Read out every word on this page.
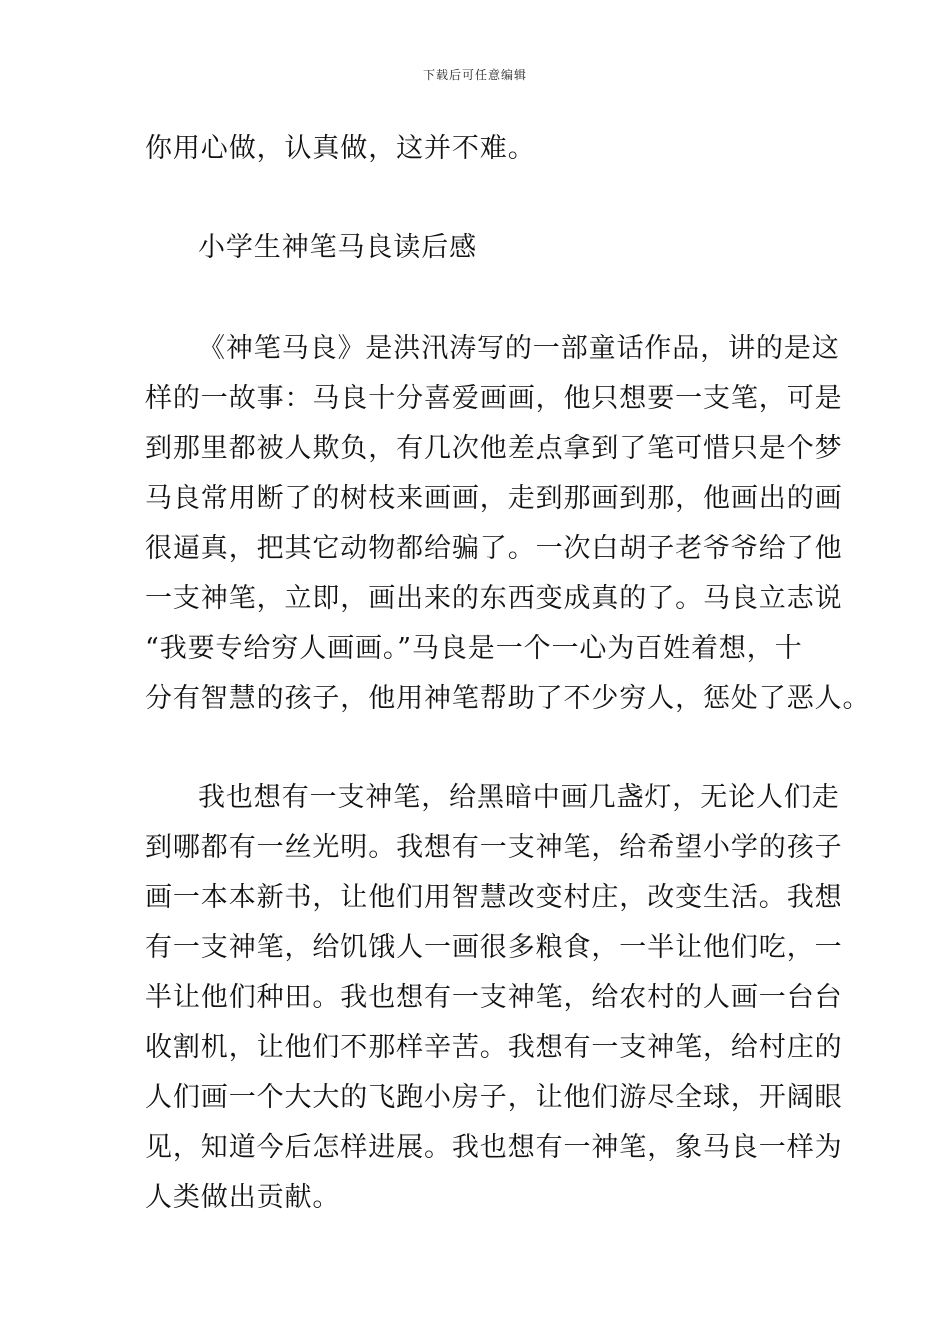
下载后可任意编辑
你用心做，认真做，这并不难。
小学生神笔马良读后感
《神笔马良》是洪汛涛写的一部童话作品，讲的是这
样的一故事：马良十分喜爱画画，他只想要一支笔，可是
到那里都被人欺负，有几次他差点拿到了笔可惜只是个梦
马良常用断了的树枝来画画，走到那画到那，他画出的画
很逼真，把其它动物都给骗了。一次白胡子老爷爷给了他
一支神笔，立即，画出来的东西变成真的了。马良立志说
“我要专给穷人画画。”马良是一个一心为百姓着想，十
分有智慧的孩子，他用神笔帮助了不少穷人，惩处了恶人。
我也想有一支神笔，给黑暗中画几盏灯，无论人们走
到哪都有一丝光明。我想有一支神笔，给希望小学的孩子
画一本本新书，让他们用智慧改变村庄，改变生活。我想
有一支神笔，给饥饿人一画很多粮食，一半让他们吃，一
半让他们种田。我也想有一支神笔，给农村的人画一台台
收割机，让他们不那样辛苦。我想有一支神笔，给村庄的
人们画一个大大的飞跑小房子，让他们游尽全球，开阔眼
见，知道今后怎样进展。我也想有一神笔，象马良一样为
人类做出贡献。
